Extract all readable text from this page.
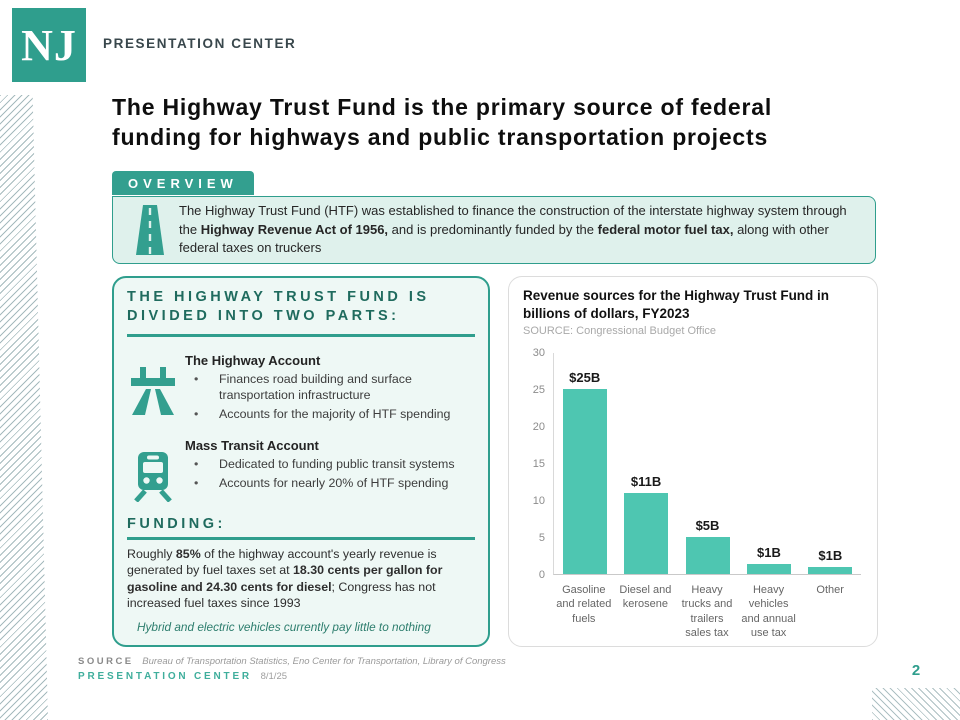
NJ PRESENTATION CENTER
The Highway Trust Fund is the primary source of federal
funding for highways and public transportation projects
OVERVIEW

The Highway Trust Fund (HTF) was established to finance the construction of the interstate highway system through the Highway Revenue Act of 1956, and is predominantly funded by the federal motor fuel tax, along with other federal taxes on truckers

THE HIGHWAY TRUST FUND IS DIVIDED INTO TWO PARTS:
The Highway Account
• Finances road building and surface transportation infrastructure
• Accounts for the majority of HTF spending
Mass Transit Account
• Dedicated to funding public transit systems
• Accounts for nearly 20% of HTF spending
FUNDING:

Roughly 85% of the highway account's yearly revenue is generated by fuel taxes set at 18.30 cents per gallon for gasoline and 24.30 cents for diesel; Congress has not increased fuel taxes since 1993

Hybrid and electric vehicles currently pay little to nothing
Revenue sources for the Highway Trust Fund in
billions of dollars, FY2023
SOURCE: Congressional Budget Office
0
5
10
15
20
25
30
$25B
$11B
$5B
$1B	$1B
Gasoline
and related
fuels
Diesel and
kerosene
Heavy
trucks and
trailers
sales tax
Heavy
vehicles
and annual
use tax
Other
SOURCE Bureau of Transportation Statistics, Eno Center for Transportation, Library of Congress
PRESENTATION CENTER 8/1/25	2
